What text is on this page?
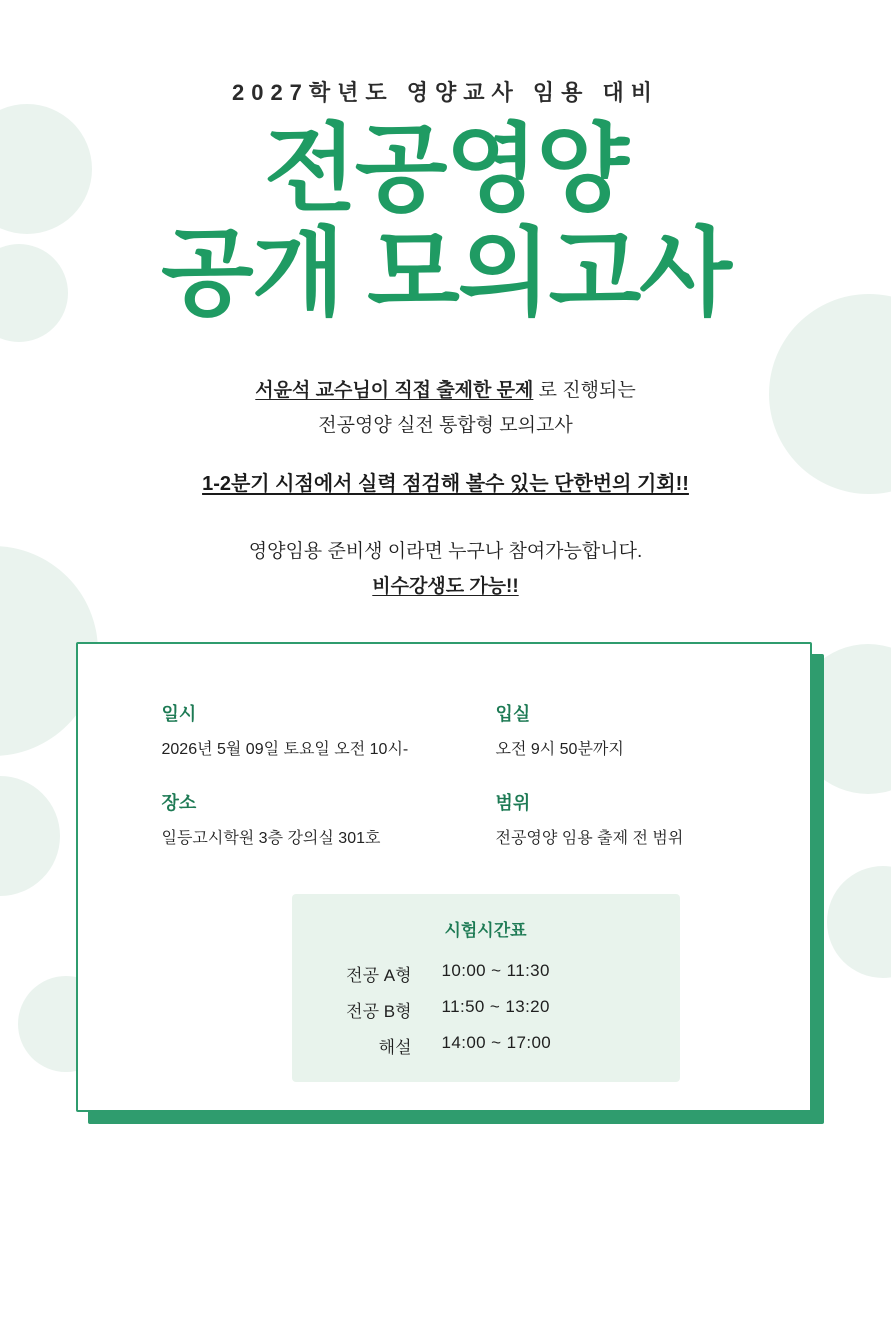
2027학년도 영양교사 임용 대비
전공영양
공개 모의고사
서윤석 교수님이 직접 출제한 문제 로 진행되는
전공영양 실전 통합형 모의고사
1-2분기 시점에서 실력 점검해 볼수 있는 단한번의 기회!!
영양임용 준비생 이라면 누구나 참여가능합니다.
비수강생도 가능!!
일시
2026년 5월 09일 토요일 오전 10시-
입실
오전 9시 50분까지
장소
일등고시학원 3층 강의실 301호
범위
전공영양 임용 출제 전 범위
시험시간표
전공 A형	10:00 ~ 11:30
전공 B형	11:50 ~ 13:20
해설	14:00 ~ 17:00
